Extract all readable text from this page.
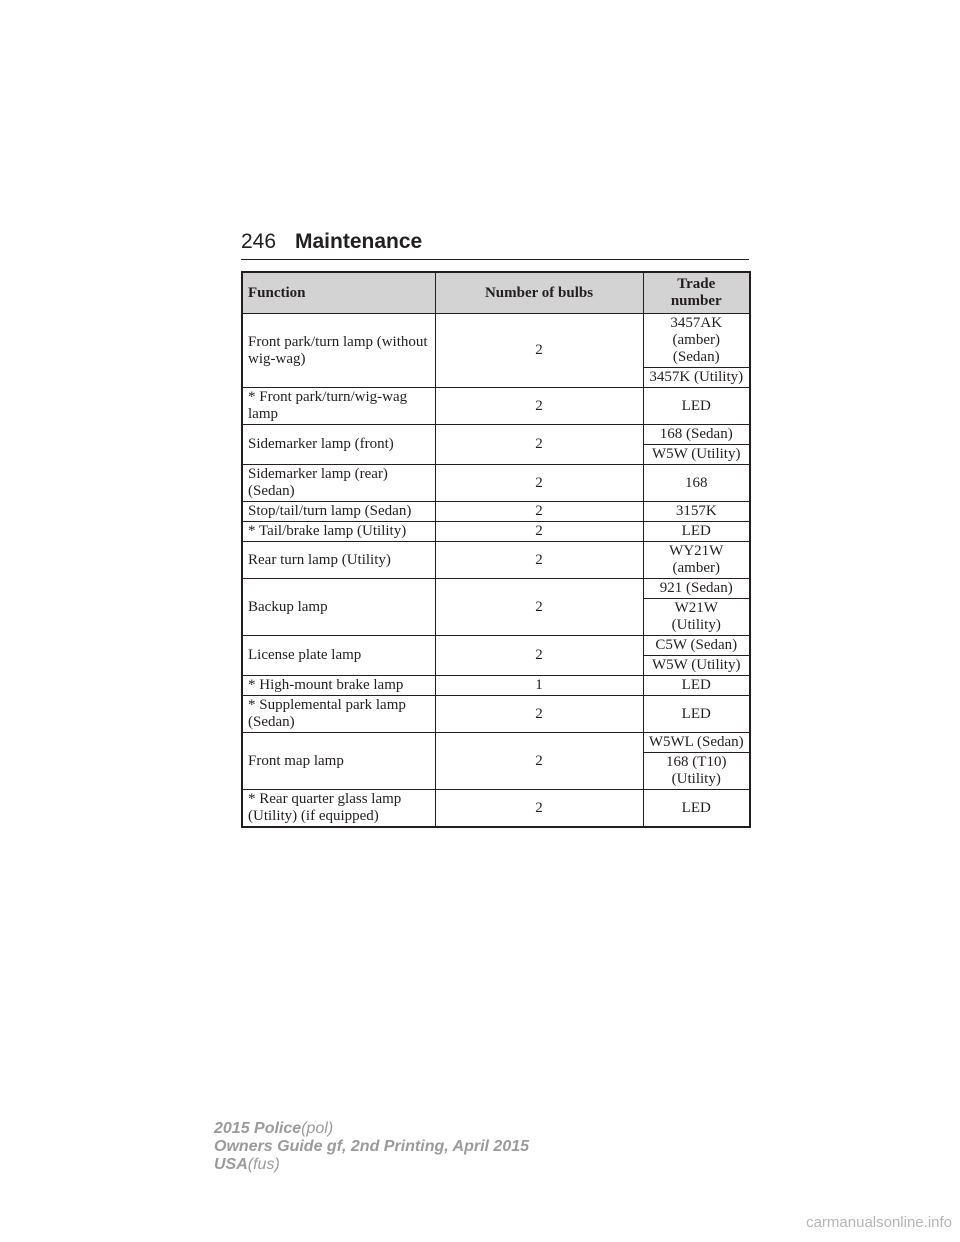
246 Maintenance
Function	Number of bulbs	Trade number
Front park/turn lamp (without wig-wag)	2	3457AK (amber) (Sedan)
		3457K (Utility)
* Front park/turn/wig-wag lamp	2	LED
Sidemarker lamp (front)	2	168 (Sedan)
		W5W (Utility)
Sidemarker lamp (rear) (Sedan)	2	168
Stop/tail/turn lamp (Sedan)	2	3157K
* Tail/brake lamp (Utility)	2	LED
Rear turn lamp (Utility)	2	WY21W (amber)
Backup lamp	2	921 (Sedan)
		W21W (Utility)
License plate lamp	2	C5W (Sedan)
		W5W (Utility)
* High-mount brake lamp	1	LED
* Supplemental park lamp (Sedan)	2	LED
Front map lamp	2	W5WL (Sedan)
		168 (T10) (Utility)
* Rear quarter glass lamp (Utility) (if equipped)	2	LED
2015 Police(pol)
Owners Guide gf, 2nd Printing, April 2015
USA(fus)
carmanualsonline.info
